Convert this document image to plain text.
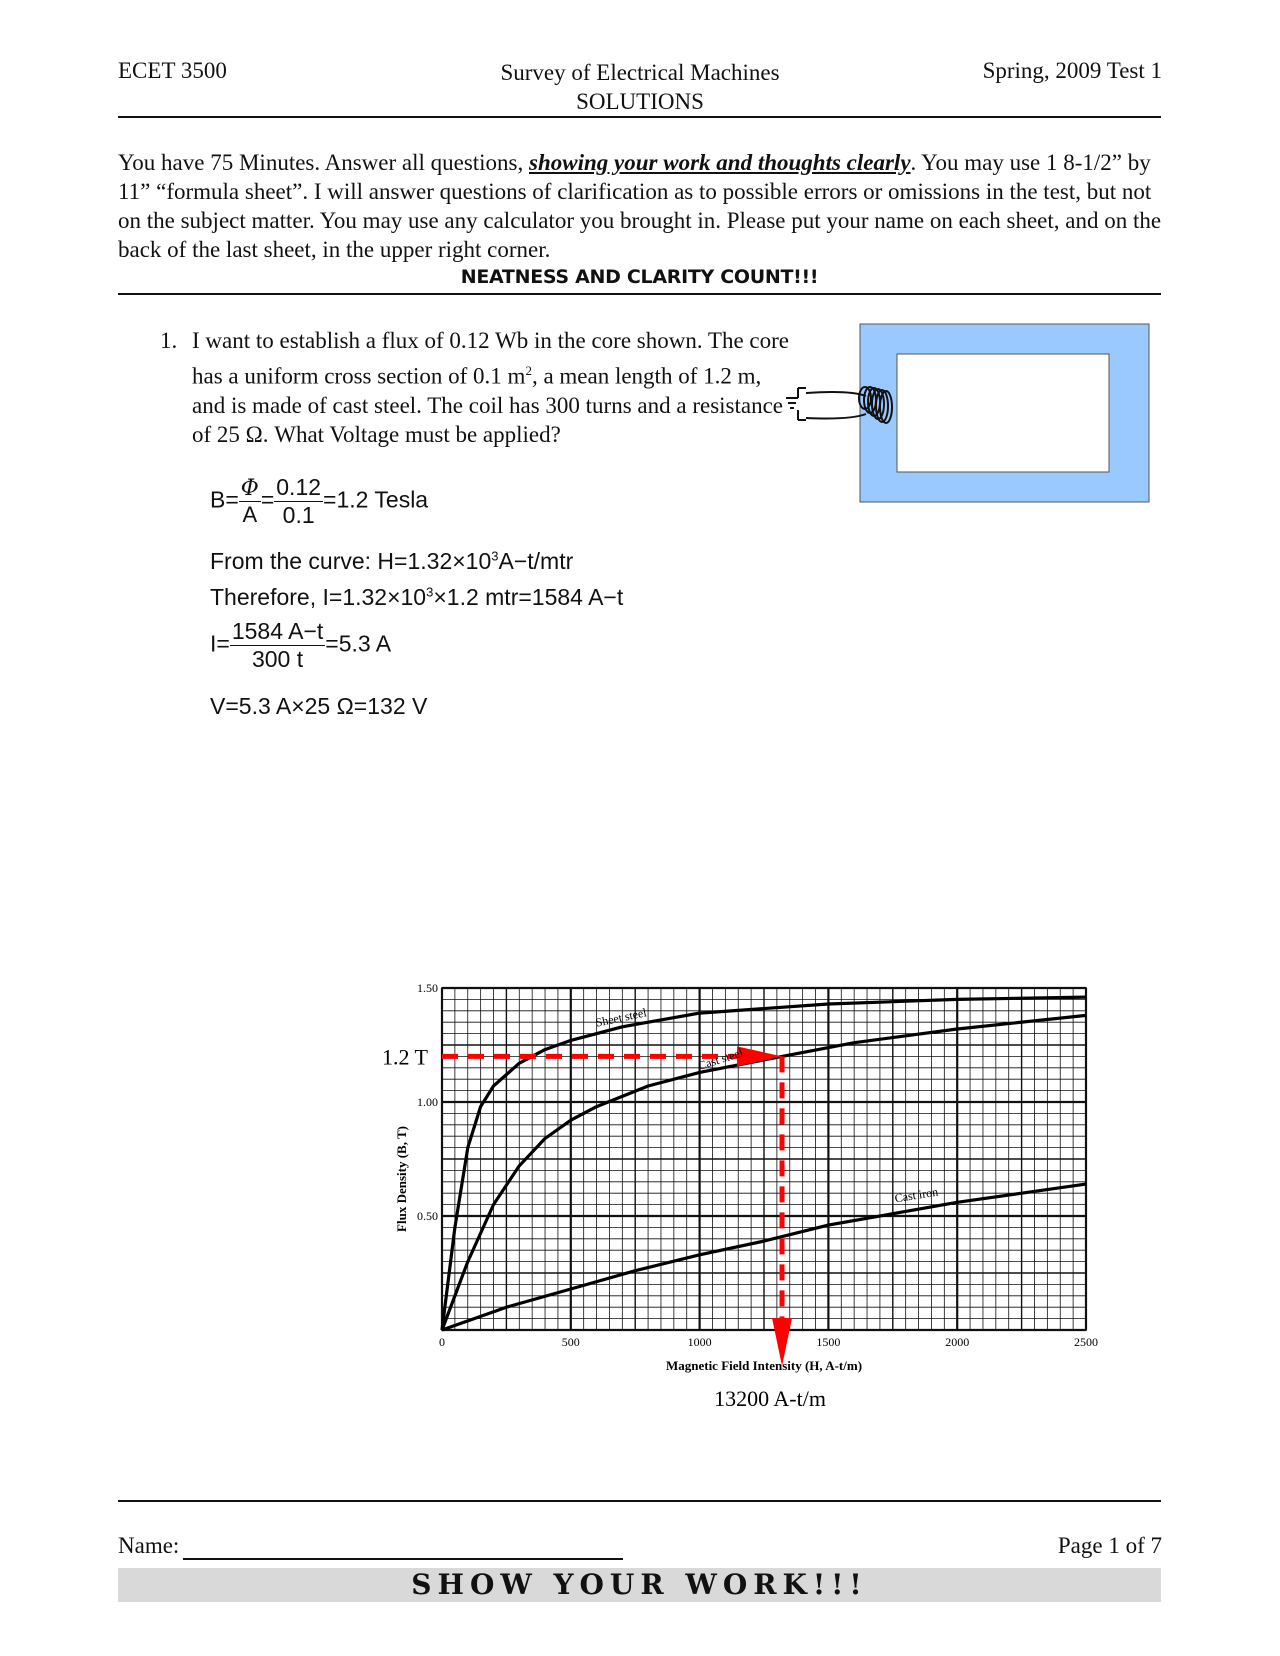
ECET 3500	Survey of Electrical Machines
SOLUTIONS
Spring, 2009 Test 1
You have 75 Minutes. Answer all questions, showing your work and thoughts clearly. You may use 1 8-1/2” by 11” “formula sheet”. I will answer questions of clarification as to possible errors or omissions in the test, but not on the subject matter. You may use any calculator you brought in. Please put your name on each sheet, and on the back of the last sheet, in the upper right corner.
NEATNESS AND CLARITY COUNT!!!
1. I want to establish a flux of 0.12 Wb in the core shown. The core has a uniform cross section of 0.1 $m^2$, a mean length of 1.2 m, and is made of cast steel. The coil has 300 turns and a resistance of 25 Ω. What Voltage must be applied?
$B= \frac{\Phi}{A} = \frac{0.12}{0.1} =1.2$ Tesla
From the curve: $H=1.32\times 10^3A-t$/mtr
Therefore, $I=1.32\times 10^3\times 1.2$ mtr=1584 A−t
$I= \frac{1584 A-t}{300 t} =5.3$ A
V=5.3 A×25 Ω=132 V
0	500	1000	1500	2000	2500
0.50
1.00
1.50
Magnetic Field Intensity (H, A-t/m)
Flux Density (B, T)
Sheet steel
Cast steel
Cast iron
1.2 T
13200 A-t/m
Name:	Page 1 of 7
SHOW YOUR WORK!!!
